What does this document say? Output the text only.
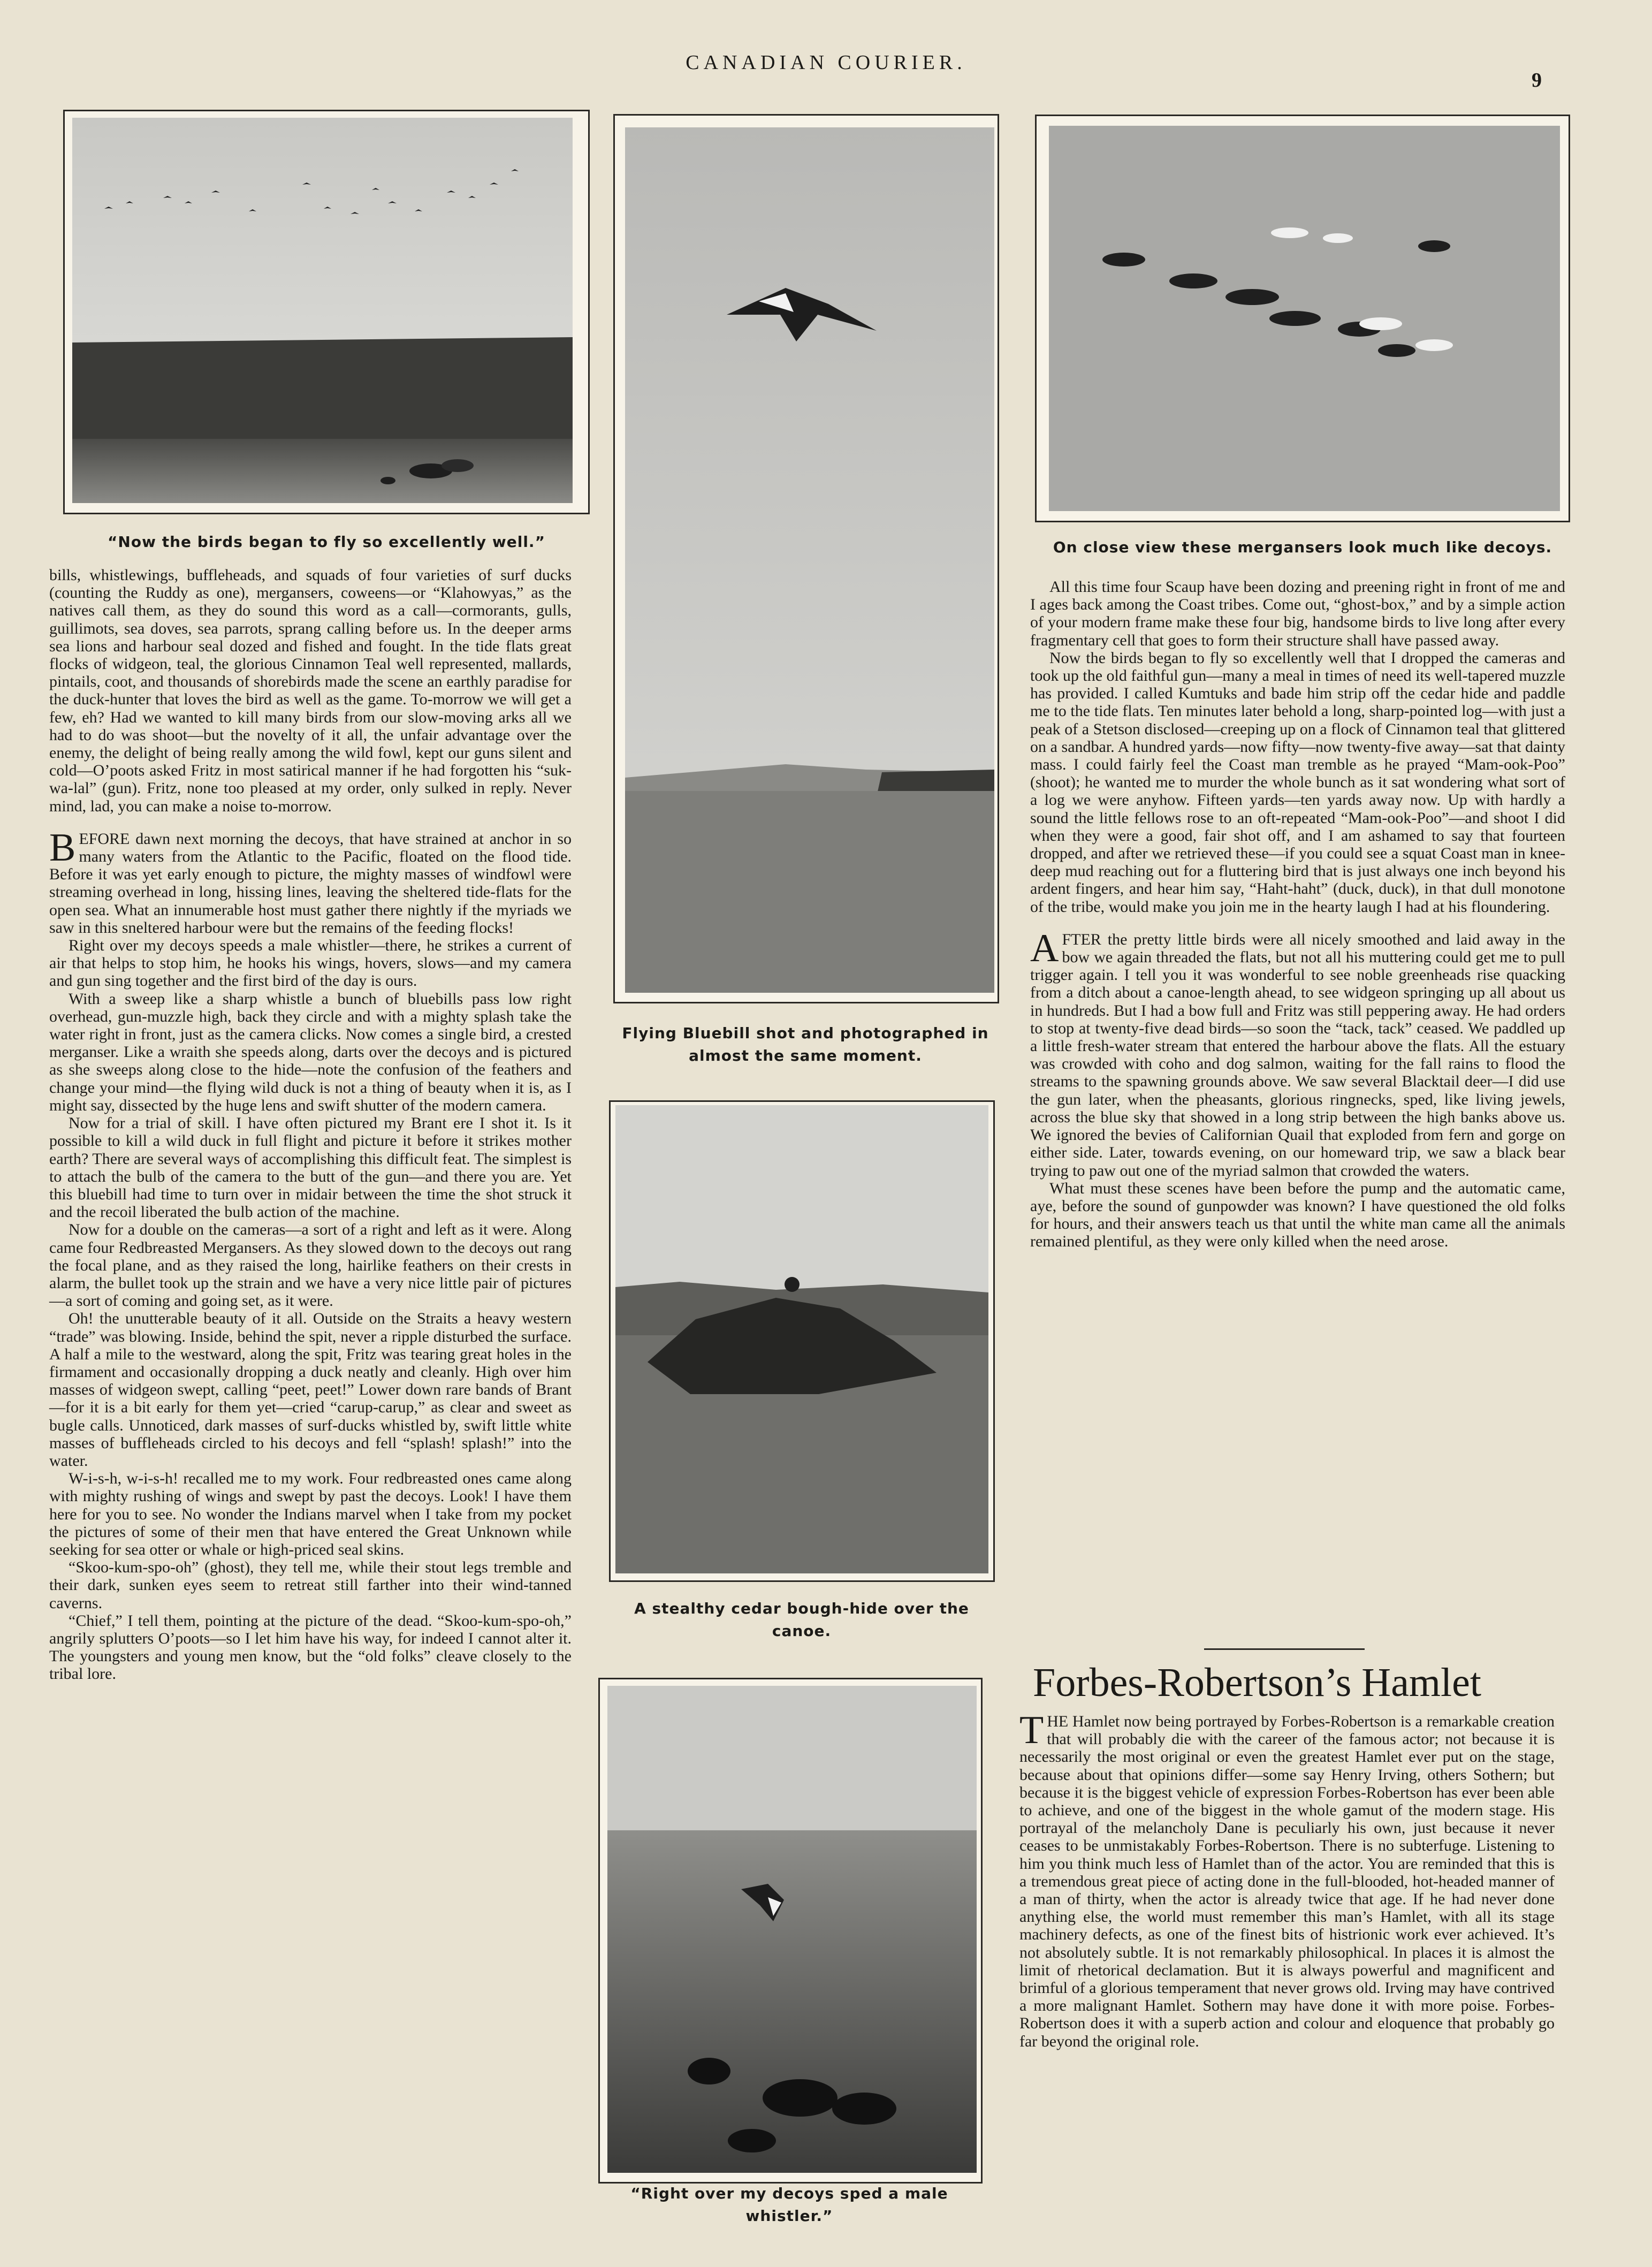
CANADIAN COURIER.
9
“Now the birds began to fly so excellently well.”
Flying Bluebill shot and photographed in
almost the same moment.
On close view these mergansers look much like decoys.
A stealthy cedar bough-hide over the
canoe.
“Right over my decoys sped a male
whistler.”

bills, whistlewings, buffleheads, and squads of four varieties of surf ducks (counting the Ruddy as one), mergansers, coweens—or “Klahowyas,” as the natives call them, as they do sound this word as a call—cormorants, gulls, guillimots, sea doves, sea parrots, sprang calling before us. In the deeper arms sea lions and harbour seal dozed and fished and fought. In the tide flats great flocks of widgeon, teal, the glorious Cinnamon Teal well represented, mallards, pintails, coot, and thousands of shorebirds made the scene an earthly paradise for the duck-hunter that loves the bird as well as the game. To-morrow we will get a few, eh? Had we wanted to kill many birds from our slow-moving arks all we had to do was shoot—but the novelty of it all, the unfair advantage over the enemy, the delight of being really among the wild fowl, kept our guns silent and cold—O’poots asked Fritz in most satirical manner if he had forgotten his “suk-wa-lal” (gun). Fritz, none too pleased at my order, only sulked in reply. Never mind, lad, you can make a noise to-morrow.

BEFORE dawn next morning the decoys, that have strained at anchor in so many waters from the Atlantic to the Pacific, floated on the flood tide. Before it was yet early enough to picture, the mighty masses of windfowl were streaming overhead in long, hissing lines, leaving the sheltered tide-flats for the open sea. What an innumerable host must gather there nightly if the myriads we saw in this sneltered harbour were but the remains of the feeding flocks!

Right over my decoys speeds a male whistler—there, he strikes a current of air that helps to stop him, he hooks his wings, hovers, slows—and my camera and gun sing together and the first bird of the day is ours.

With a sweep like a sharp whistle a bunch of bluebills pass low right overhead, gun-muzzle high, back they circle and with a mighty splash take the water right in front, just as the camera clicks. Now comes a single bird, a crested merganser. Like a wraith she speeds along, darts over the decoys and is pictured as she sweeps along close to the hide—note the confusion of the feathers and change your mind—the flying wild duck is not a thing of beauty when it is, as I might say, dissected by the huge lens and swift shutter of the modern camera.

Now for a trial of skill. I have often pictured my Brant ere I shot it. Is it possible to kill a wild duck in full flight and picture it before it strikes mother earth? There are several ways of accomplishing this difficult feat. The simplest is to attach the bulb of the camera to the butt of the gun—and there you are. Yet this bluebill had time to turn over in midair between the time the shot struck it and the recoil liberated the bulb action of the machine.

Now for a double on the cameras—a sort of a right and left as it were. Along came four Redbreasted Mergansers. As they slowed down to the decoys out rang the focal plane, and as they raised the long, hairlike feathers on their crests in alarm, the bullet took up the strain and we have a very nice little pair of pictures—a sort of coming and going set, as it were.

Oh! the unutterable beauty of it all. Outside on the Straits a heavy western “trade” was blowing. Inside, behind the spit, never a ripple disturbed the surface. A half a mile to the westward, along the spit, Fritz was tearing great holes in the firmament and occasionally dropping a duck neatly and cleanly. High over him masses of widgeon swept, calling “peet, peet!” Lower down rare bands of Brant—for it is a bit early for them yet—cried “carup-carup,” as clear and sweet as bugle calls. Unnoticed, dark masses of surf-ducks whistled by, swift little white masses of buffleheads circled to his decoys and fell “splash! splash!” into the water.

W-i-s-h, w-i-s-h! recalled me to my work. Four redbreasted ones came along with mighty rushing of wings and swept by past the decoys. Look! I have them here for you to see. No wonder the Indians marvel when I take from my pocket the pictures of some of their men that have entered the Great Unknown while seeking for sea otter or whale or high-priced seal skins.

“Skoo-kum-spo-oh” (ghost), they tell me, while their stout legs tremble and their dark, sunken eyes seem to retreat still farther into their wind-tanned caverns.

“Chief,” I tell them, pointing at the picture of the dead. “Skoo-kum-spo-oh,” angrily splutters O’poots—so I let him have his way, for indeed I cannot alter it. The youngsters and young men know, but the “old folks” cleave closely to the tribal lore.

All this time four Scaup have been dozing and preening right in front of me and I ages back among the Coast tribes. Come out, “ghost-box,” and by a simple action of your modern frame make these four big, handsome birds to live long after every fragmentary cell that goes to form their structure shall have passed away.

Now the birds began to fly so excellently well that I dropped the cameras and took up the old faithful gun—many a meal in times of need its well-tapered muzzle has provided. I called Kumtuks and bade him strip off the cedar hide and paddle me to the tide flats. Ten minutes later behold a long, sharp-pointed log—with just a peak of a Stetson disclosed—creeping up on a flock of Cinnamon teal that glittered on a sandbar. A hundred yards—now fifty—now twenty-five away—sat that dainty mass. I could fairly feel the Coast man tremble as he prayed “Mam-ook-Poo” (shoot); he wanted me to murder the whole bunch as it sat wondering what sort of a log we were anyhow. Fifteen yards—ten yards away now. Up with hardly a sound the little fellows rose to an oft-repeated “Mam-ook-Poo”—and shoot I did when they were a good, fair shot off, and I am ashamed to say that fourteen dropped, and after we retrieved these—if you could see a squat Coast man in knee-deep mud reaching out for a fluttering bird that is just always one inch beyond his ardent fingers, and hear him say, “Haht-haht” (duck, duck), in that dull monotone of the tribe, would make you join me in the hearty laugh I had at his floundering.

AFTER the pretty little birds were all nicely smoothed and laid away in the bow we again threaded the flats, but not all his muttering could get me to pull trigger again. I tell you it was wonderful to see noble greenheads rise quacking from a ditch about a canoe-length ahead, to see widgeon springing up all about us in hundreds. But I had a bow full and Fritz was still peppering away. He had orders to stop at twenty-five dead birds—so soon the “tack, tack” ceased. We paddled up a little fresh-water stream that entered the harbour above the flats. All the estuary was crowded with coho and dog salmon, waiting for the fall rains to flood the streams to the spawning grounds above. We saw several Blacktail deer—I did use the gun later, when the pheasants, glorious ringnecks, sped, like living jewels, across the blue sky that showed in a long strip between the high banks above us. We ignored the bevies of Californian Quail that exploded from fern and gorge on either side. Later, towards evening, on our homeward trip, we saw a black bear trying to paw out one of the myriad salmon that crowded the waters.

What must these scenes have been before the pump and the automatic came, aye, before the sound of gunpowder was known? I have questioned the old folks for hours, and their answers teach us that until the white man came all the animals remained plentiful, as they were only killed when the need arose.

Forbes-Robertson’s Hamlet

THE Hamlet now being portrayed by Forbes-Robertson is a remarkable creation that will probably die with the career of the famous actor; not because it is necessarily the most original or even the greatest Hamlet ever put on the stage, because about that opinions differ—some say Henry Irving, others Sothern; but because it is the biggest vehicle of expression Forbes-Robertson has ever been able to achieve, and one of the biggest in the whole gamut of the modern stage. His portrayal of the melancholy Dane is peculiarly his own, just because it never ceases to be unmistakably Forbes-Robertson. There is no subterfuge. Listening to him you think much less of Hamlet than of the actor. You are reminded that this is a tremendous great piece of acting done in the full-blooded, hot-headed manner of a man of thirty, when the actor is already twice that age. If he had never done anything else, the world must remember this man’s Hamlet, with all its stage machinery defects, as one of the finest bits of histrionic work ever achieved. It’s not absolutely subtle. It is not remarkably philosophical. In places it is almost the limit of rhetorical declamation. But it is always powerful and magnificent and brimful of a glorious temperament that never grows old. Irving may have contrived a more malignant Hamlet. Sothern may have done it with more poise. Forbes-Robertson does it with a superb action and colour and eloquence that probably go far beyond the original role.
